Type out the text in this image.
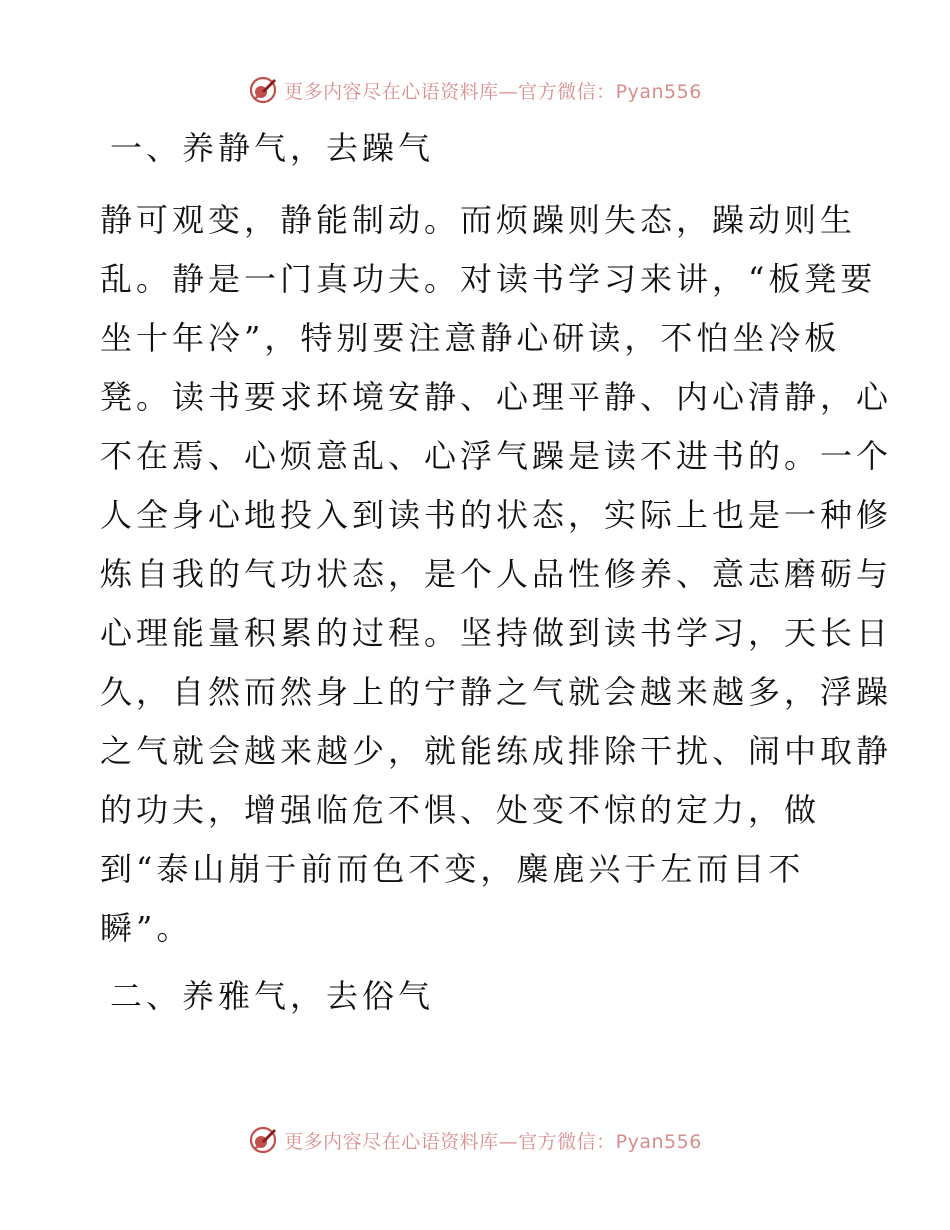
更多内容尽在心语资料库—官方微信：Pyan556
一、养静气，去躁气
静可观变，静能制动。而烦躁则失态，躁动则生
乱。静是一门真功夫。对读书学习来讲，“板凳要
坐十年冷”，特别要注意静心研读，不怕坐冷板
凳。读书要求环境安静、心理平静、内心清静，心
不在焉、心烦意乱、心浮气躁是读不进书的。一个
人全身心地投入到读书的状态，实际上也是一种修
炼自我的气功状态，是个人品性修养、意志磨砺与
心理能量积累的过程。坚持做到读书学习，天长日
久，自然而然身上的宁静之气就会越来越多，浮躁
之气就会越来越少，就能练成排除干扰、闹中取静
的功夫，增强临危不惧、处变不惊的定力，做
到“泰山崩于前而色不变，麋鹿兴于左而目不
瞬”。
二、养雅气，去俗气
更多内容尽在心语资料库—官方微信：Pyan556
